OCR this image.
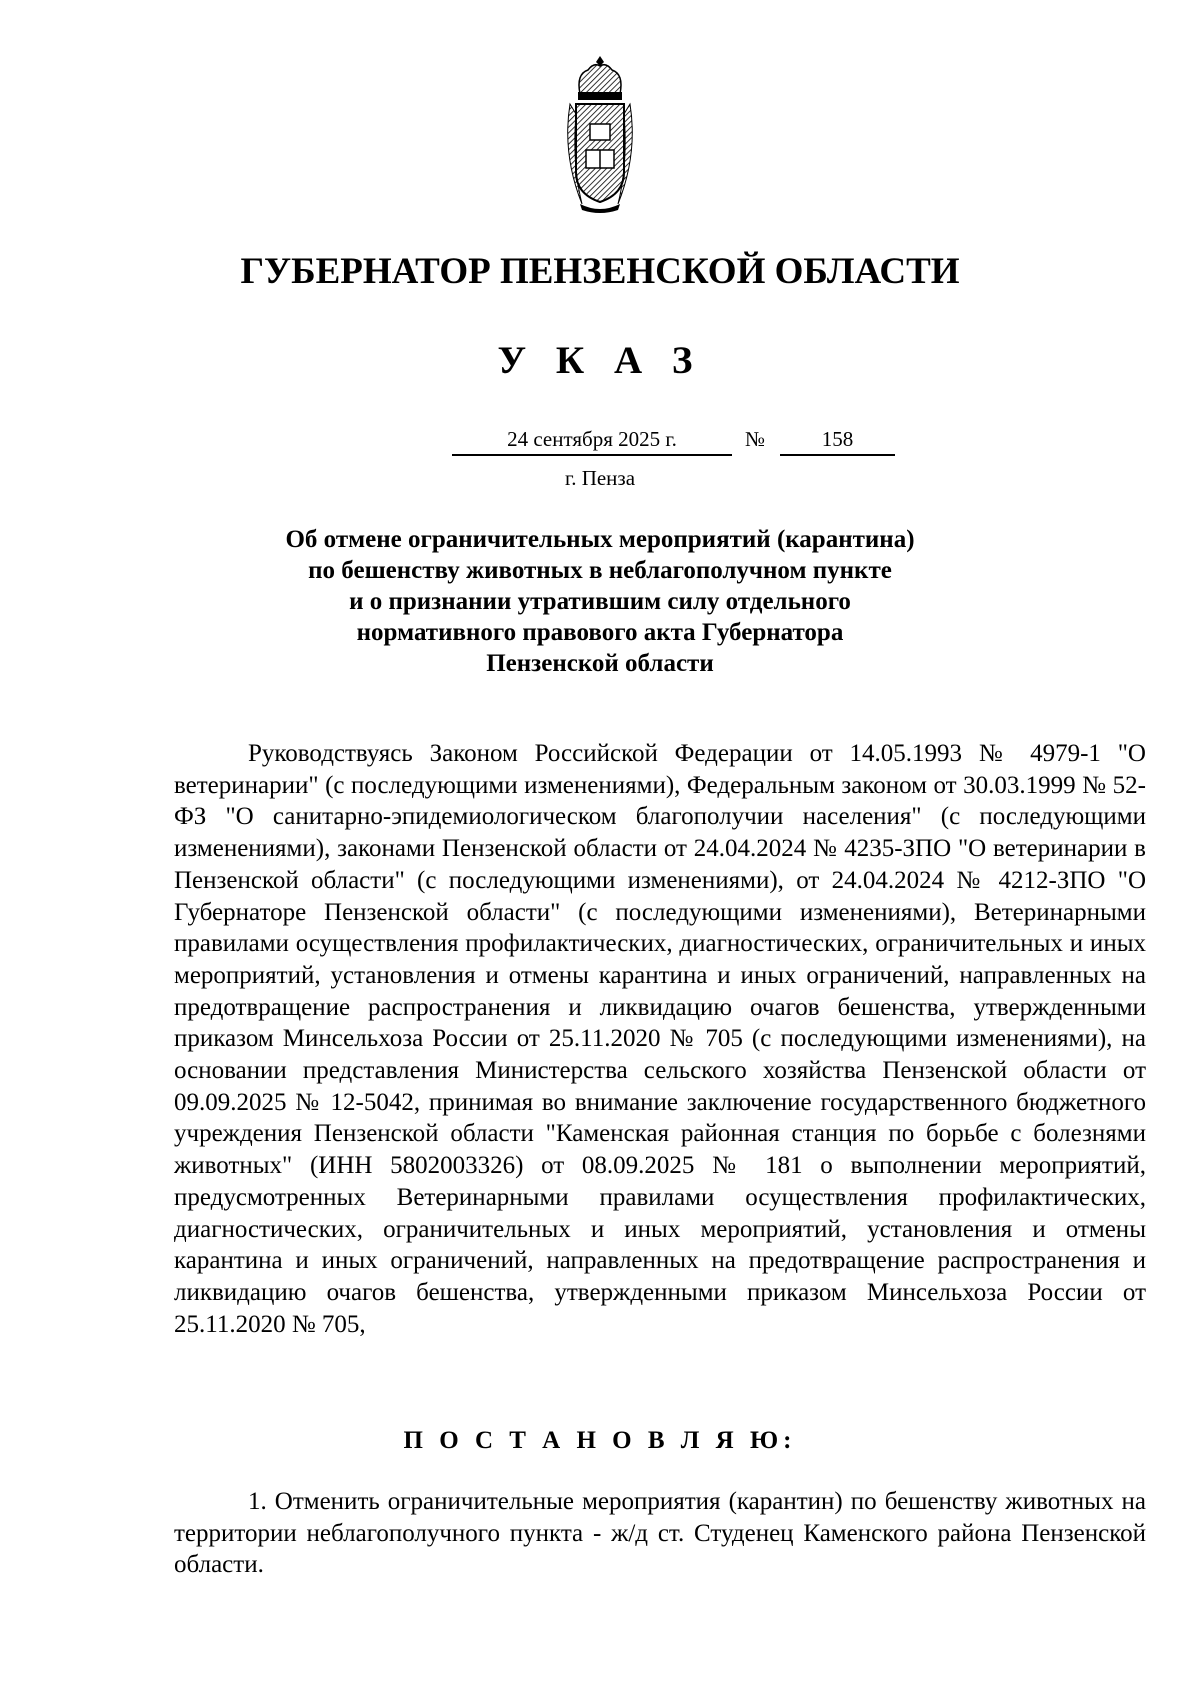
ГУБЕРНАТОР ПЕНЗЕНСКОЙ ОБЛАСТИ
У К А З
24 сентября 2025 г.	№	158
г. Пенза
Об отмене ограничительных мероприятий (карантина)
по бешенству животных в неблагополучном пункте
и о признании утратившим силу отдельного
нормативного правового акта Губернатора
Пензенской области

Руководствуясь Законом Российской Федерации от 14.05.1993 № 4979-1 "О ветеринарии" (с последующими изменениями), Федеральным законом от 30.03.1999 № 52-ФЗ "О санитарно-эпидемиологическом благополучии населения" (с последующими изменениями), законами Пензенской области от 24.04.2024 № 4235-ЗПО "О ветеринарии в Пензенской области" (с последующими изменениями), от 24.04.2024 № 4212-ЗПО "О Губернаторе Пензенской области" (с последующими изменениями), Ветеринарными правилами осуществления профилактических, диагностических, ограничительных и иных мероприятий, установления и отмены карантина и иных ограничений, направленных на предотвращение распространения и ликвидацию очагов бешенства, утвержденными приказом Минсельхоза России от 25.11.2020 № 705 (с последующими изменениями), на основании представления Министерства сельского хозяйства Пензенской области от 09.09.2025 № 12-5042, принимая во внимание заключение государственного бюджетного учреждения Пензенской области "Каменская районная станция по борьбе с болезнями животных" (ИНН 5802003326) от 08.09.2025 № 181 о выполнении мероприятий, предусмотренных Ветеринарными правилами осуществления профилактических, диагностических, ограничительных и иных мероприятий, установления и отмены карантина и иных ограничений, направленных на предотвращение распространения и ликвидацию очагов бешенства, утвержденными приказом Минсельхоза России от 25.11.2020 № 705,

П О С Т А Н О В Л Я Ю:

1. Отменить ограничительные мероприятия (карантин) по бешенству животных на территории неблагополучного пункта - ж/д ст. Студенец Каменского района Пензенской области.
